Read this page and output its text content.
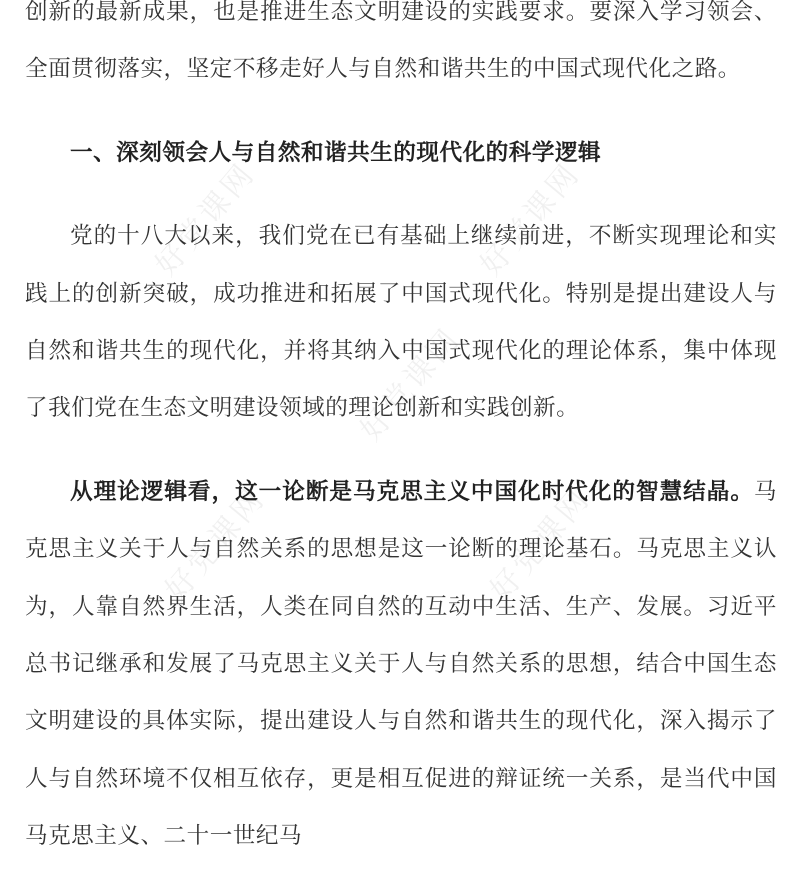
创新的最新成果，也是推进生态文明建设的实践要求。要深入学习领会、全面贯彻落实，坚定不移走好人与自然和谐共生的中国式现代化之路。

一、深刻领会人与自然和谐共生的现代化的科学逻辑

党的十八大以来，我们党在已有基础上继续前进，不断实现理论和实践上的创新突破，成功推进和拓展了中国式现代化。特别是提出建设人与自然和谐共生的现代化，并将其纳入中国式现代化的理论体系，集中体现了我们党在生态文明建设领域的理论创新和实践创新。

从理论逻辑看，这一论断是马克思主义中国化时代化的智慧结晶。马克思主义关于人与自然关系的思想是这一论断的理论基石。马克思主义认为，人靠自然界生活，人类在同自然的互动中生活、生产、发展。习近平总书记继承和发展了马克思主义关于人与自然关系的思想，结合中国生态文明建设的具体实际，提出建设人与自然和谐共生的现代化，深入揭示了人与自然环境不仅相互依存，更是相互促进的辩证统一关系，是当代中国马克思主义、二十一世纪马

好党课网	好党课网
好党课网
好党课网	好党课网
